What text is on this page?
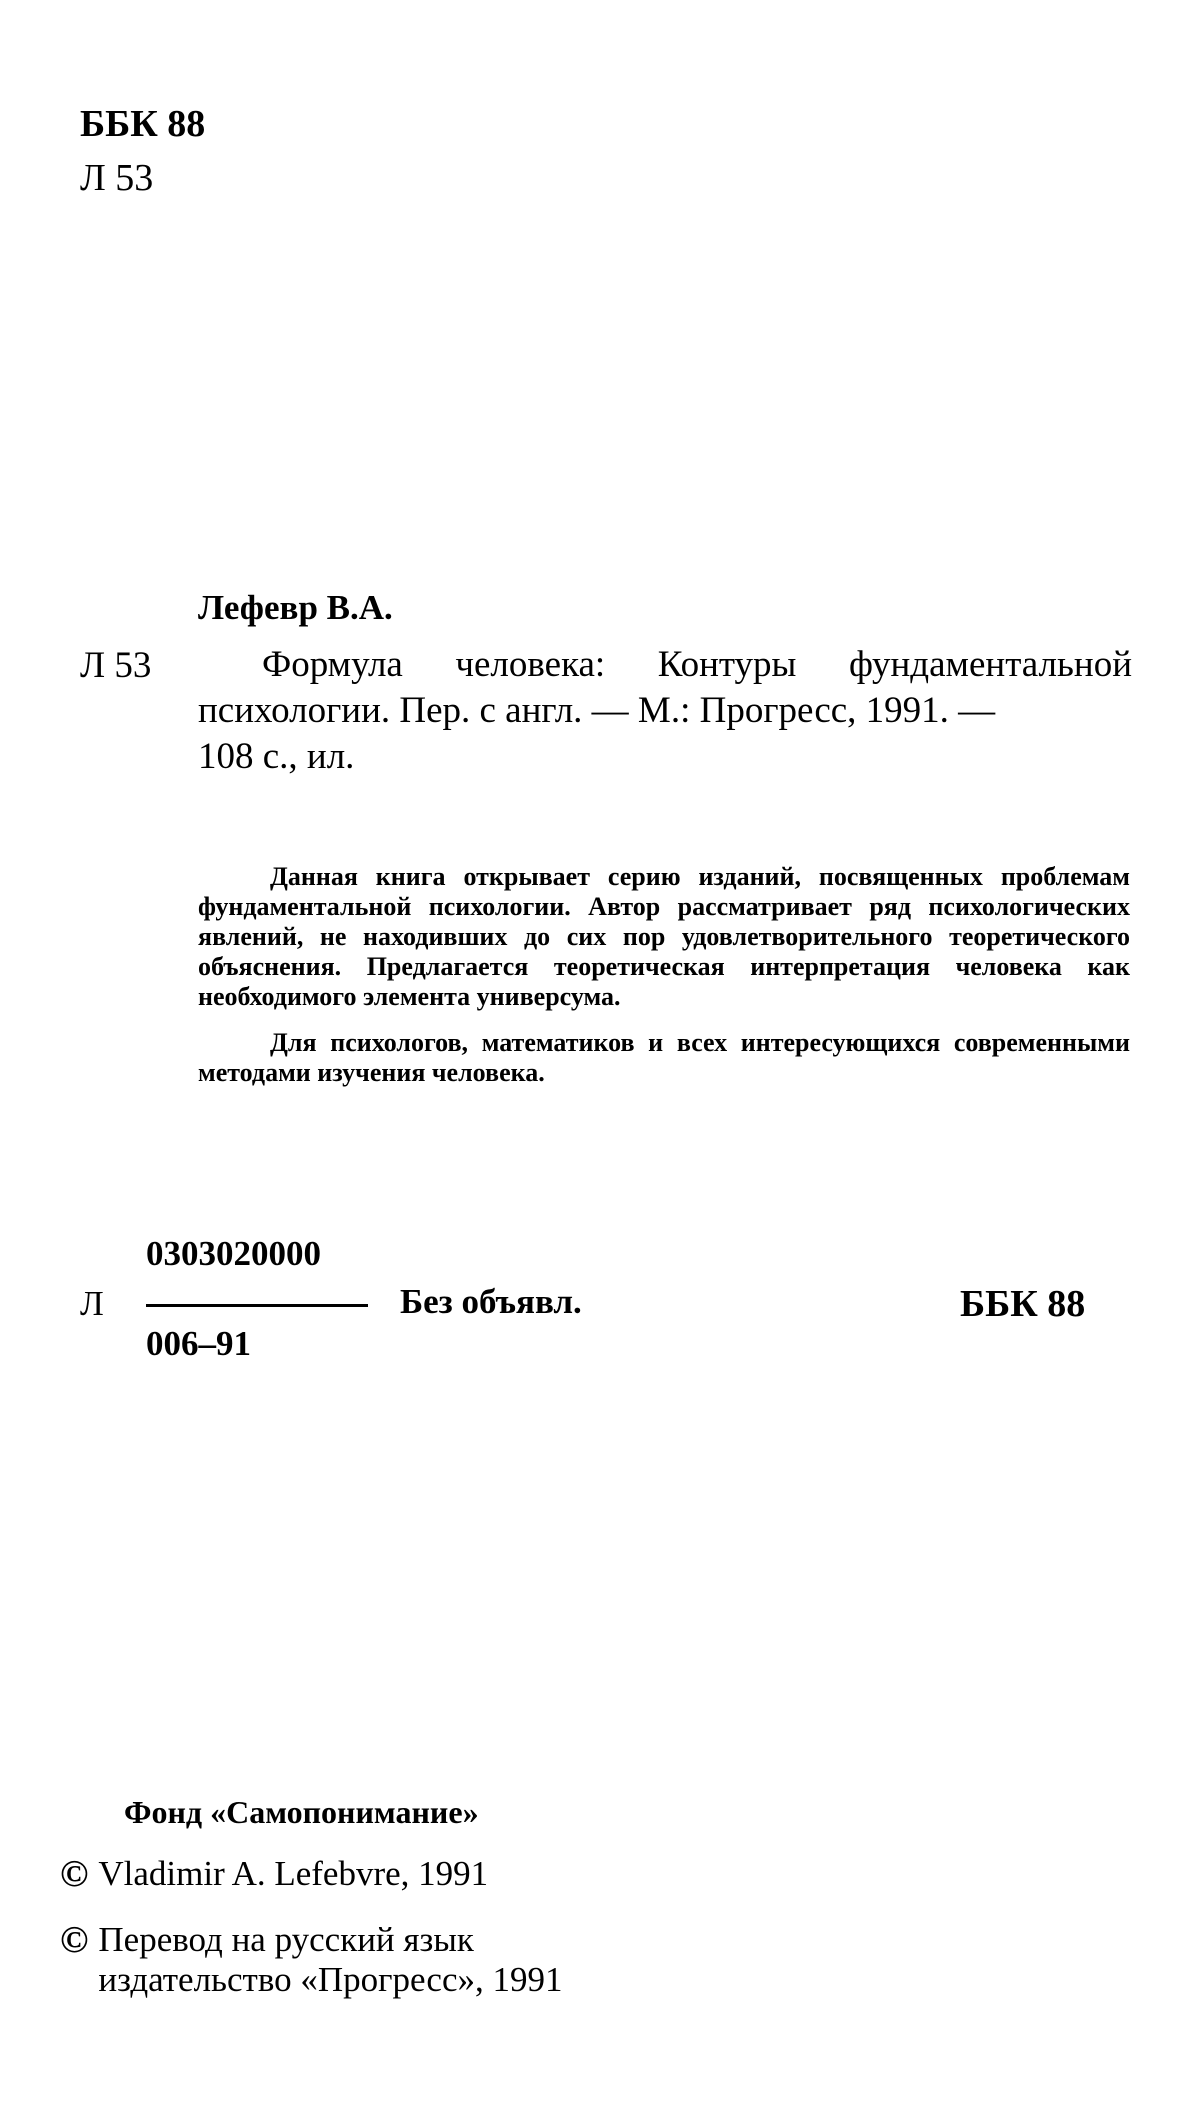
ББК 88
Л 53
Лефевр В.А.
Л 53	Формула человека: Контуры фундаментальной психологии. Пер. с англ. — М.: Прогресс, 1991. —
108 с., ил.

Данная книга открывает серию изданий, посвященных проблемам фундаментальной психологии. Автор рассматривает ряд психологических явлений, не находивших до сих пор удовлетворительного теоретического объяснения. Предлагается теоретическая интерпретация человека как необходимого элемента универсума.

Для психологов, математиков и всех интересующихся современными методами изучения человека.

0303020000
Л
006–91
Без объявл.	ББК 88
Фонд «Самопонимание»
© Vladimir A. Lefebvre, 1991
© Перевод на русский язык
издательство «Прогресс», 1991
